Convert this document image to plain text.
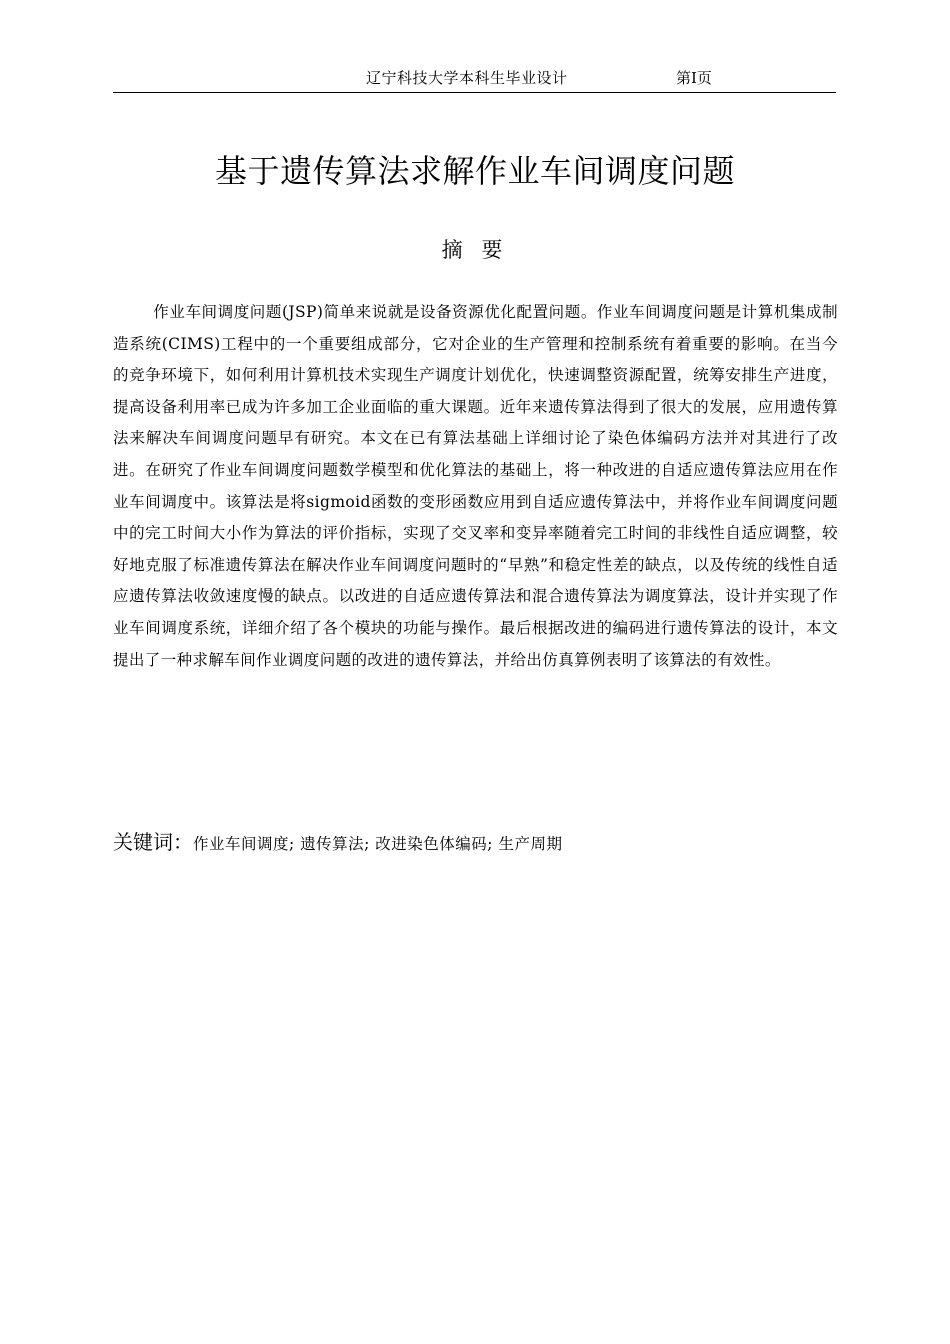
辽宁科技大学本科生毕业设计	第Ⅰ页
基于遗传算法求解作业车间调度问题
摘 要

作业车间调度问题(JSP)简单来说就是设备资源优化配置问题。作业车间调度问题是计算机集成制造系统(CIMS)工程中的一个重要组成部分，它对企业的生产管理和控制系统有着重要的影响。在当今的竞争环境下，如何利用计算机技术实现生产调度计划优化，快速调整资源配置，统筹安排生产进度，提高设备利用率已成为许多加工企业面临的重大课题。近年来遗传算法得到了很大的发展，应用遗传算法来解决车间调度问题早有研究。本文在已有算法基础上详细讨论了染色体编码方法并对其进行了改进。在研究了作业车间调度问题数学模型和优化算法的基础上，将一种改进的自适应遗传算法应用在作业车间调度中。该算法是将sigmoid函数的变形函数应用到自适应遗传算法中，并将作业车间调度问题中的完工时间大小作为算法的评价指标，实现了交叉率和变异率随着完工时间的非线性自适应调整，较好地克服了标准遗传算法在解决作业车间调度问题时的“早熟”和稳定性差的缺点，以及传统的线性自适应遗传算法收敛速度慢的缺点。以改进的自适应遗传算法和混合遗传算法为调度算法，设计并实现了作业车间调度系统，详细介绍了各个模块的功能与操作。最后根据改进的编码进行遗传算法的设计，本文提出了一种求解车间作业调度问题的改进的遗传算法，并给出仿真算例表明了该算法的有效性。

关键词：作业车间调度; 遗传算法; 改进染色体编码; 生产周期
